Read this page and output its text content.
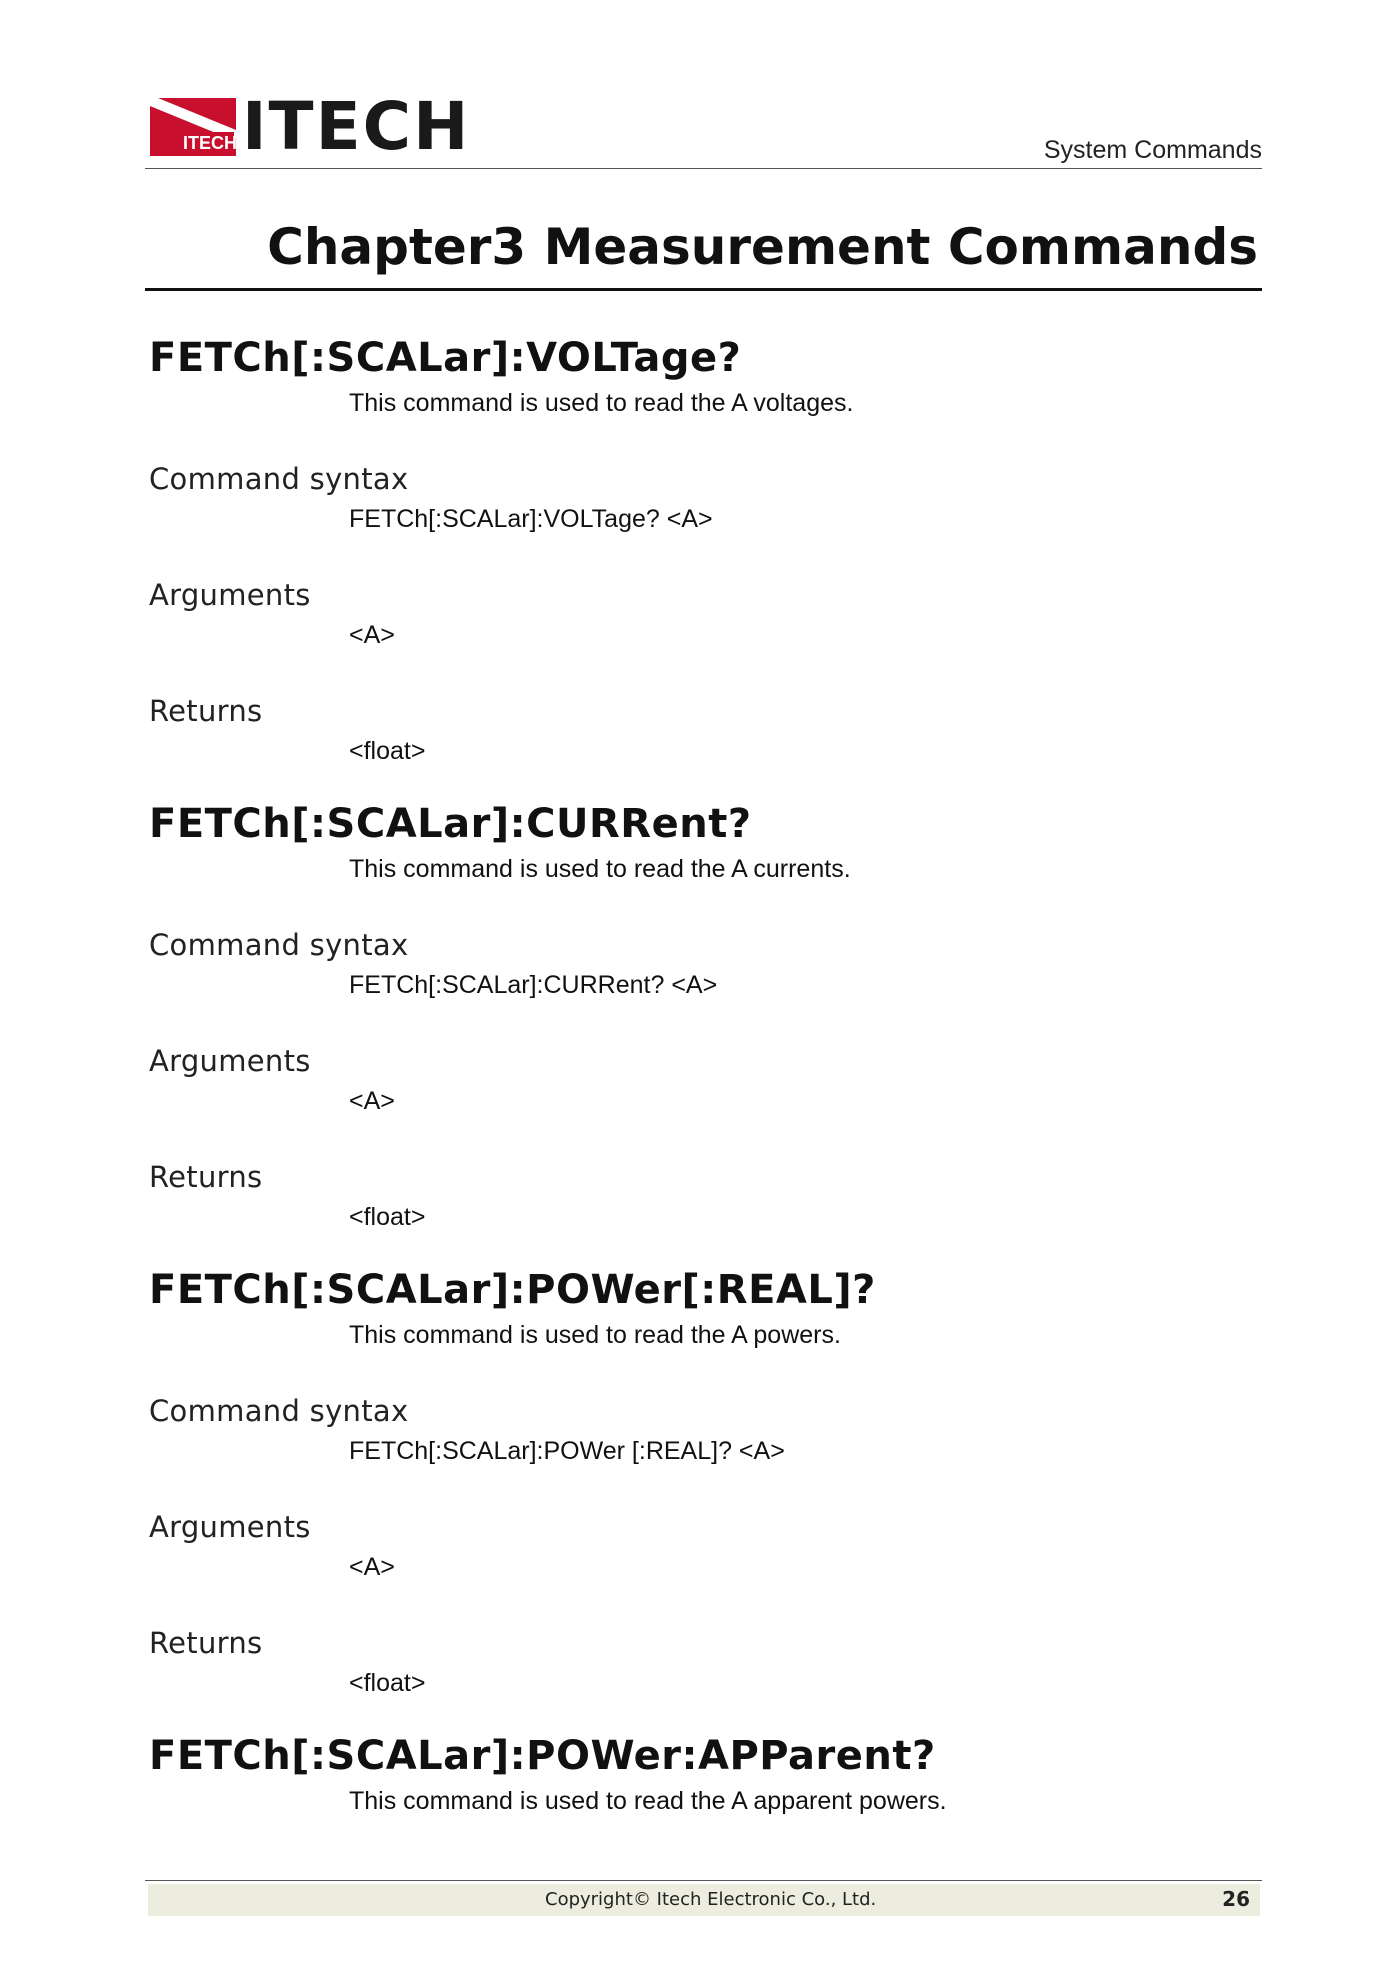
ITECH ITECH	System Commands
Chapter3 Measurement Commands
FETCh[:SCALar]:VOLTage?
This command is used to read the A voltages.
Command syntax
FETCh[:SCALar]:VOLTage? <A>
Arguments
<A>
Returns
<float>
FETCh[:SCALar]:CURRent?
This command is used to read the A currents.
Command syntax
FETCh[:SCALar]:CURRent? <A>
Arguments
<A>
Returns
<float>
FETCh[:SCALar]:POWer[:REAL]?
This command is used to read the A powers.
Command syntax
FETCh[:SCALar]:POWer [:REAL]? <A>
Arguments
<A>
Returns
<float>
FETCh[:SCALar]:POWer:APParent?
This command is used to read the A apparent powers.
Copyright© Itech Electronic Co., Ltd.	26
